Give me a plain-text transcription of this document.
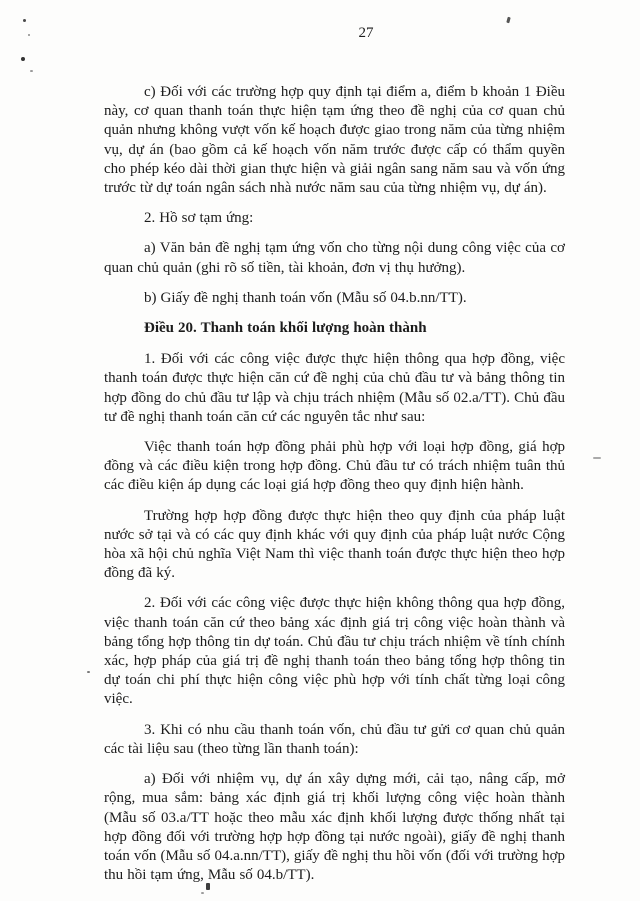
27

c) Đối với các trường hợp quy định tại điểm a, điểm b khoản 1 Điều này, cơ quan thanh toán thực hiện tạm ứng theo đề nghị của cơ quan chủ quản nhưng không vượt vốn kế hoạch được giao trong năm của từng nhiệm vụ, dự án (bao gồm cả kế hoạch vốn năm trước được cấp có thẩm quyền cho phép kéo dài thời gian thực hiện và giải ngân sang năm sau và vốn ứng trước từ dự toán ngân sách nhà nước năm sau của từng nhiệm vụ, dự án).

2. Hồ sơ tạm ứng:

a) Văn bản đề nghị tạm ứng vốn cho từng nội dung công việc của cơ quan chủ quản (ghi rõ số tiền, tài khoản, đơn vị thụ hưởng).

b) Giấy đề nghị thanh toán vốn (Mẫu số 04.b.nn/TT).

Điều 20. Thanh toán khối lượng hoàn thành

1. Đối với các công việc được thực hiện thông qua hợp đồng, việc thanh toán được thực hiện căn cứ đề nghị của chủ đầu tư và bảng thông tin hợp đồng do chủ đầu tư lập và chịu trách nhiệm (Mẫu số 02.a/TT). Chủ đầu tư đề nghị thanh toán căn cứ các nguyên tắc như sau:

Việc thanh toán hợp đồng phải phù hợp với loại hợp đồng, giá hợp đồng và các điều kiện trong hợp đồng. Chủ đầu tư có trách nhiệm tuân thủ các điều kiện áp dụng các loại giá hợp đồng theo quy định hiện hành.

Trường hợp hợp đồng được thực hiện theo quy định của pháp luật nước sở tại và có các quy định khác với quy định của pháp luật nước Cộng hòa xã hội chủ nghĩa Việt Nam thì việc thanh toán được thực hiện theo hợp đồng đã ký.

2. Đối với các công việc được thực hiện không thông qua hợp đồng, việc thanh toán căn cứ theo bảng xác định giá trị công việc hoàn thành và bảng tổng hợp thông tin dự toán. Chủ đầu tư chịu trách nhiệm về tính chính xác, hợp pháp của giá trị đề nghị thanh toán theo bảng tổng hợp thông tin dự toán chi phí thực hiện công việc phù hợp với tính chất từng loại công việc.

3. Khi có nhu cầu thanh toán vốn, chủ đầu tư gửi cơ quan chủ quản các tài liệu sau (theo từng lần thanh toán):

a) Đối với nhiệm vụ, dự án xây dựng mới, cải tạo, nâng cấp, mở rộng, mua sắm: bảng xác định giá trị khối lượng công việc hoàn thành (Mẫu số 03.a/TT hoặc theo mẫu xác định khối lượng được thống nhất tại hợp đồng đối với trường hợp hợp đồng tại nước ngoài), giấy đề nghị thanh toán vốn (Mẫu số 04.a.nn/TT), giấy đề nghị thu hồi vốn (đối với trường hợp thu hồi tạm ứng, Mẫu số 04.b/TT).
